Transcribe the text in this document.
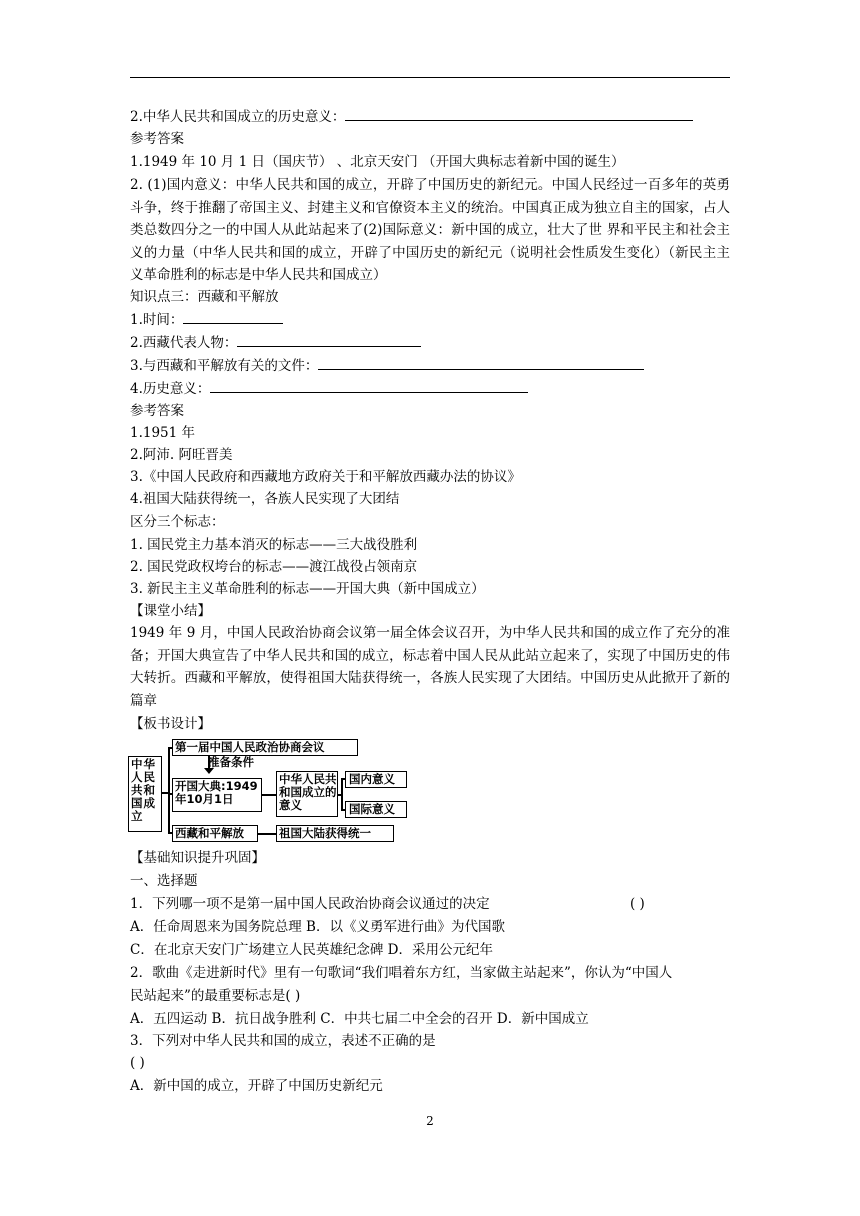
2.中华人民共和国成立的历史意义：
参考答案
1.1949 年 10 月 1 日（国庆节） 、北京天安门 （开国大典标志着新中国的诞生）
2. (1)国内意义：中华人民共和国的成立，开辟了中国历史的新纪元。中国人民经过一百多年的英勇斗争，终于推翻了帝国主义、封建主义和官僚资本主义的统治。中国真正成为独立自主的国家，占人类总数四分之一的中国人从此站起来了(2)国际意义：新中国的成立，壮大了世 界和平民主和社会主义的力量（中华人民共和国的成立，开辟了中国历史的新纪元（说明社会性质发生变化）（新民主主义革命胜利的标志是中华人民共和国成立）
知识点三：西藏和平解放
1.时间：
2.西藏代表人物：
3.与西藏和平解放有关的文件：
4.历史意义：
参考答案
1.1951 年
2.阿沛. 阿旺晋美
3.《中国人民政府和西藏地方政府关于和平解放西藏办法的协议》
4.祖国大陆获得统一，各族人民实现了大团结
区分三个标志：
1. 国民党主力基本消灭的标志——三大战役胜利
2. 国民党政权垮台的标志——渡江战役占领南京
3. 新民主主义革命胜利的标志——开国大典（新中国成立）
【课堂小结】
1949 年 9 月，中国人民政治协商会议第一届全体会议召开，为中华人民共和国的成立作了充分的准备；开国大典宣告了中华人民共和国的成立，标志着中国人民从此站立起来了，实现了中国历史的伟大转折。西藏和平解放，使得祖国大陆获得统一，各族人民实现了大团结。中国历史从此掀开了新的篇章
【板书设计】
中华人民共和国成立
第一届中国人民政治协商会议
准备条件
开国大典:1949年10月1日
中华人民共和国成立的意义
国内意义
国际意义
西藏和平解放	祖国大陆获得统一
【基础知识提升巩固】
一、选择题
1．下列哪一项不是第一届中国人民政治协商会议通过的决定	( )
A．任命周恩来为国务院总理 B．以《义勇军进行曲》为代国歌
C．在北京天安门广场建立人民英雄纪念碑 D．采用公元纪年
2．歌曲《走进新时代》里有一句歌词“我们唱着东方红，当家做主站起来”，你认为“中国人
民站起来”的最重要标志是( )
A．五四运动 B．抗日战争胜利 C．中共七届二中全会的召开 D．新中国成立
3．下列对中华人民共和国的成立，表述不正确的是
( )
A．新中国的成立，开辟了中国历史新纪元
2
